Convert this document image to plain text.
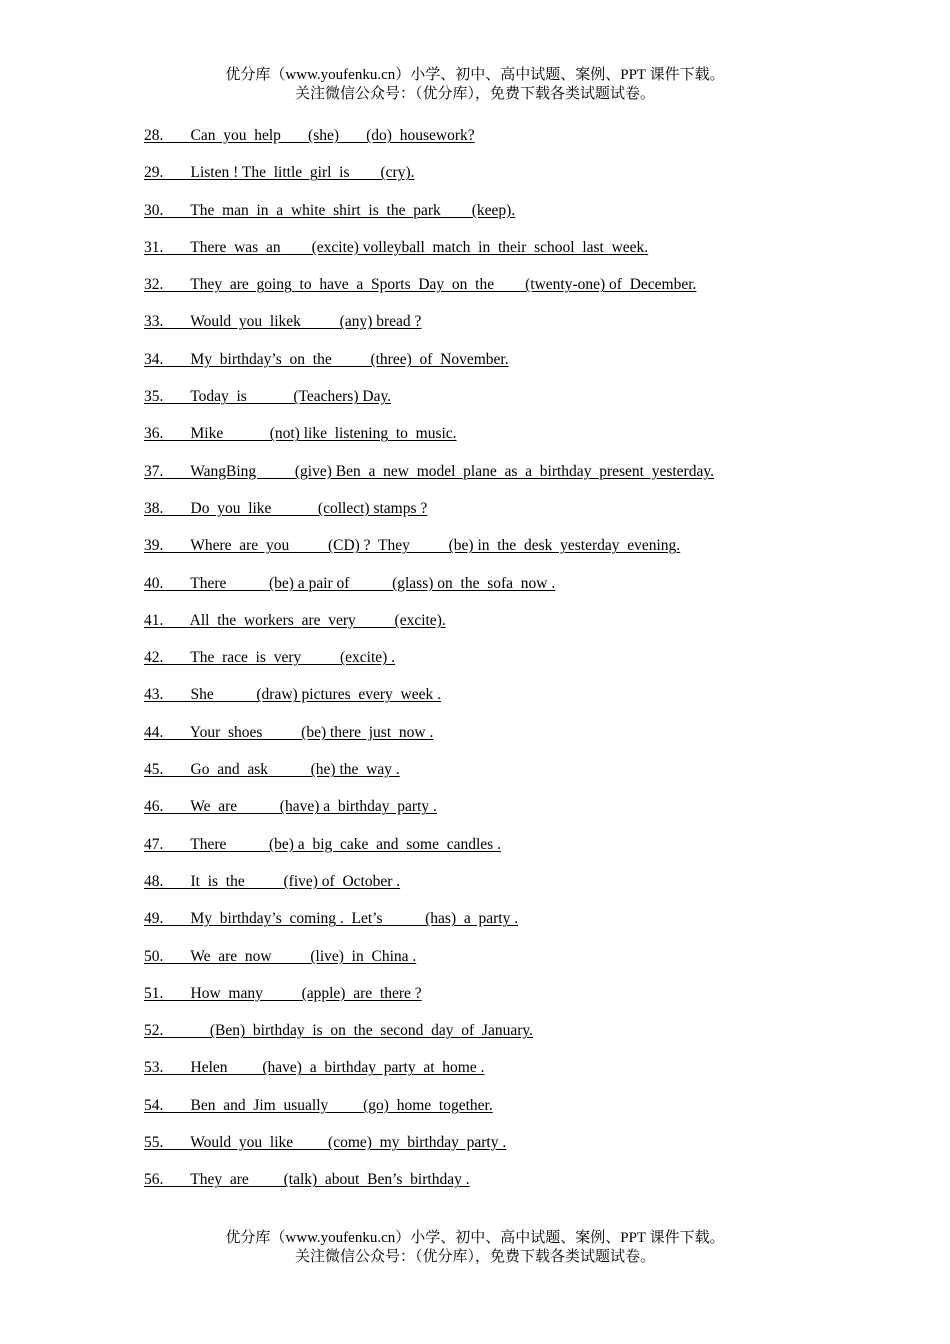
优分库（www.youfenku.cn）小学、初中、高中试题、案例、PPT 课件下载。
关注微信公众号：（优分库），免费下载各类试题试卷。
28.       Can  you  help       (she)       (do)  housework?
29.       Listen ! The  little  girl  is        (cry).
30.       The  man  in  a  white  shirt  is  the  park        (keep).
31.       There  was  an        (excite) volleyball  match  in  their  school  last  week.
32.       They  are  going  to  have  a  Sports  Day  on  the        (twenty-one) of  December.
33.       Would  you  likek          (any) bread ?
34.       My  birthday’s  on  the          (three)  of  November.
35.       Today  is            (Teachers) Day.
36.       Mike            (not) like  listening  to  music.
37.       WangBing          (give) Ben  a  new  model  plane  as  a  birthday  present  yesterday.
38.       Do  you  like            (collect) stamps ?
39.       Where  are  you          (CD) ?  They          (be) in  the  desk  yesterday  evening.
40.       There           (be) a pair of           (glass) on  the  sofa  now .
41.       All  the  workers  are  very          (excite).
42.       The  race  is  very          (excite) .
43.       She           (draw) pictures  every  week .
44.       Your  shoes          (be) there  just  now .
45.       Go  and  ask           (he) the  way .
46.       We  are           (have) a  birthday  party .
47.       There           (be) a  big  cake  and  some  candles .
48.       It  is  the          (five) of  October .
49.       My  birthday’s  coming .  Let’s           (has)  a  party .
50.       We  are  now          (live)  in  China .
51.       How  many          (apple)  are  there ?
52.            (Ben)  birthday  is  on  the  second  day  of  January.
53.       Helen         (have)  a  birthday  party  at  home .
54.       Ben  and  Jim  usually         (go)  home  together.
55.       Would  you  like         (come)  my  birthday  party .
56.       They  are         (talk)  about  Ben’s  birthday .
优分库（www.youfenku.cn）小学、初中、高中试题、案例、PPT 课件下载。
关注微信公众号：（优分库），免费下载各类试题试卷。
